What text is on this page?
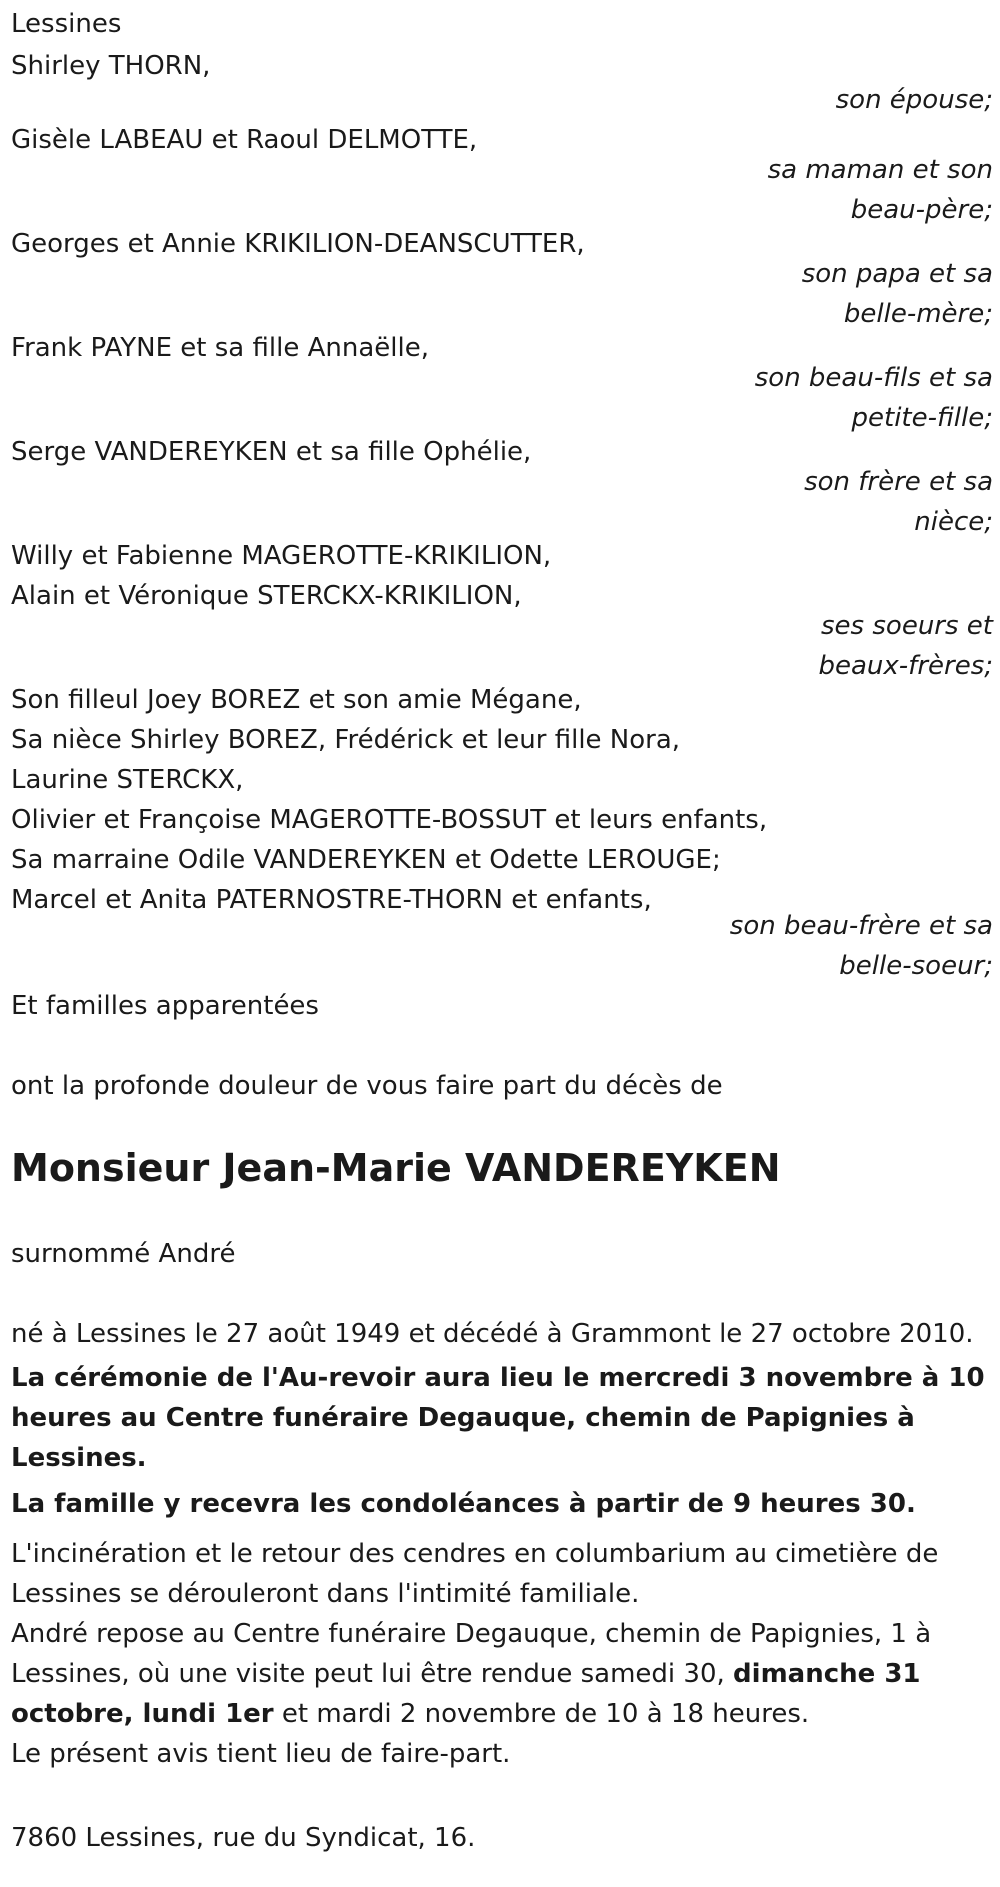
Lessines
Shirley THORN,
son épouse;
Gisèle LABEAU et Raoul DELMOTTE,
sa maman et son
beau-père;
Georges et Annie KRIKILION-DEANSCUTTER,
son papa et sa
belle-mère;
Frank PAYNE et sa fille Annaëlle,
son beau-fils et sa
petite-fille;
Serge VANDEREYKEN et sa fille Ophélie,
son frère et sa
nièce;
Willy et Fabienne MAGEROTTE-KRIKILION,
Alain et Véronique STERCKX-KRIKILION,
ses soeurs et
beaux-frères;
Son filleul Joey BOREZ et son amie Mégane,
Sa nièce Shirley BOREZ, Frédérick et leur fille Nora,
Laurine STERCKX,
Olivier et Françoise MAGEROTTE-BOSSUT et leurs enfants,
Sa marraine Odile VANDEREYKEN et Odette LEROUGE;
Marcel et Anita PATERNOSTRE-THORN et enfants,
son beau-frère et sa
belle-soeur;
Et familles apparentées
ont la profonde douleur de vous faire part du décès de
Monsieur Jean-Marie VANDEREYKEN
surnommé André
né à Lessines le 27 août 1949 et décédé à Grammont le 27 octobre 2010.
La cérémonie de l'Au-revoir aura lieu le mercredi 3 novembre à 10 heures au Centre funéraire Degauque, chemin de Papignies à Lessines.
La famille y recevra les condoléances à partir de 9 heures 30.
L'incinération et le retour des cendres en columbarium au cimetière de Lessines se dérouleront dans l'intimité familiale.
André repose au Centre funéraire Degauque, chemin de Papignies, 1 à Lessines, où une visite peut lui être rendue samedi 30, dimanche 31 octobre, lundi 1er et mardi 2 novembre de 10 à 18 heures.
Le présent avis tient lieu de faire-part.
7860 Lessines, rue du Syndicat, 16.
